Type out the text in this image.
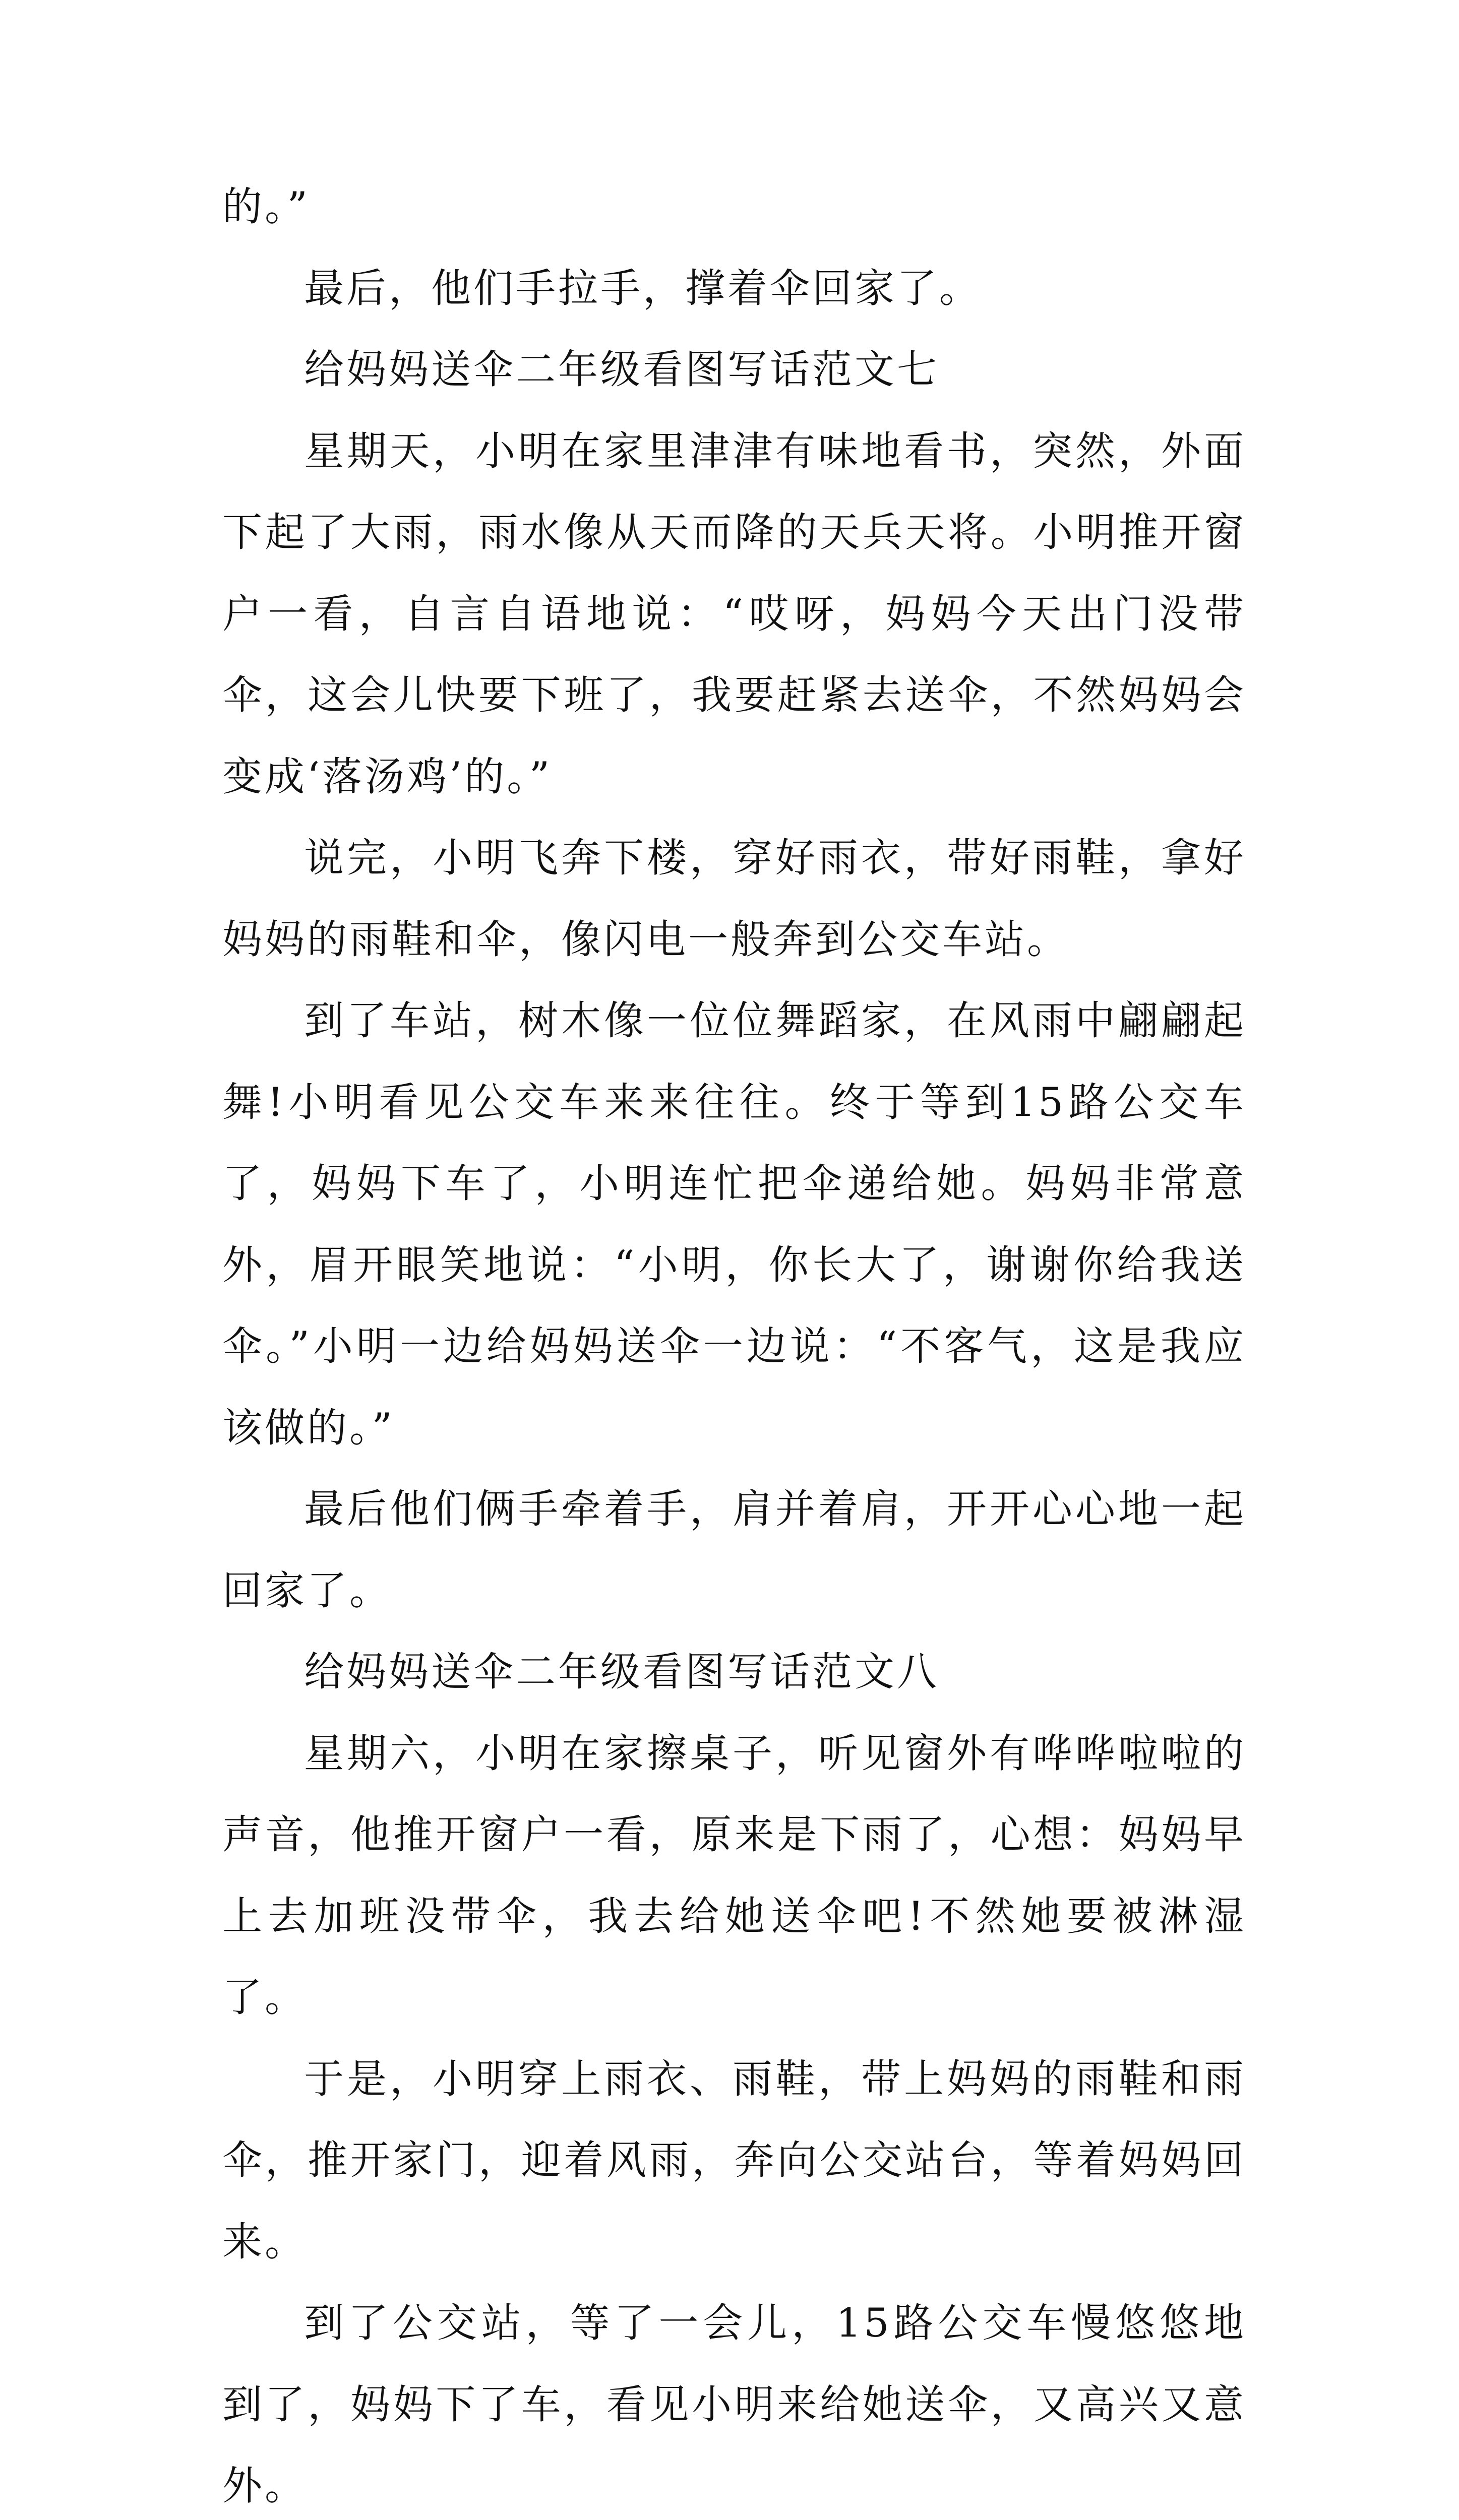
的。”

最后，他们手拉手，撑着伞回家了。

给妈妈送伞二年级看图写话范文七

星期天，小明在家里津津有味地看书，突然，外面下起了大雨，雨水像从天而降的天兵天将。小明推开窗户一看，自言自语地说：“哎呀，妈妈今天出门没带伞，这会儿快要下班了，我要赶紧去送伞，不然妈妈会变成‘落汤鸡’的。”

说完，小明飞奔下楼，穿好雨衣，带好雨鞋，拿好妈妈的雨鞋和伞，像闪电一般奔到公交车站。

到了车站，树木像一位位舞蹈家，在风雨中翩翩起舞!小明看见公交车来来往往。终于等到15路公交车了，妈妈下车了，小明连忙把伞递给她。妈妈非常意外，眉开眼笑地说：“小明，你长大了，谢谢你给我送伞。”小明一边给妈妈送伞一边说：“不客气，这是我应该做的。”

最后他们俩手牵着手，肩并着肩，开开心心地一起回家了。

给妈妈送伞二年级看图写话范文八

星期六，小明在家擦桌子，听见窗外有哗哗啦啦的声音，他推开窗户一看，原来是下雨了，心想：妈妈早上去加班没带伞，我去给她送伞吧!不然她要被淋湿了。

于是，小明穿上雨衣、雨鞋，带上妈妈的雨鞋和雨伞，推开家门，迎着风雨，奔向公交站台，等着妈妈回来。

到了公交站，等了一会儿，15路公交车慢悠悠地到了，妈妈下了车，看见小明来给她送伞，又高兴又意外。
